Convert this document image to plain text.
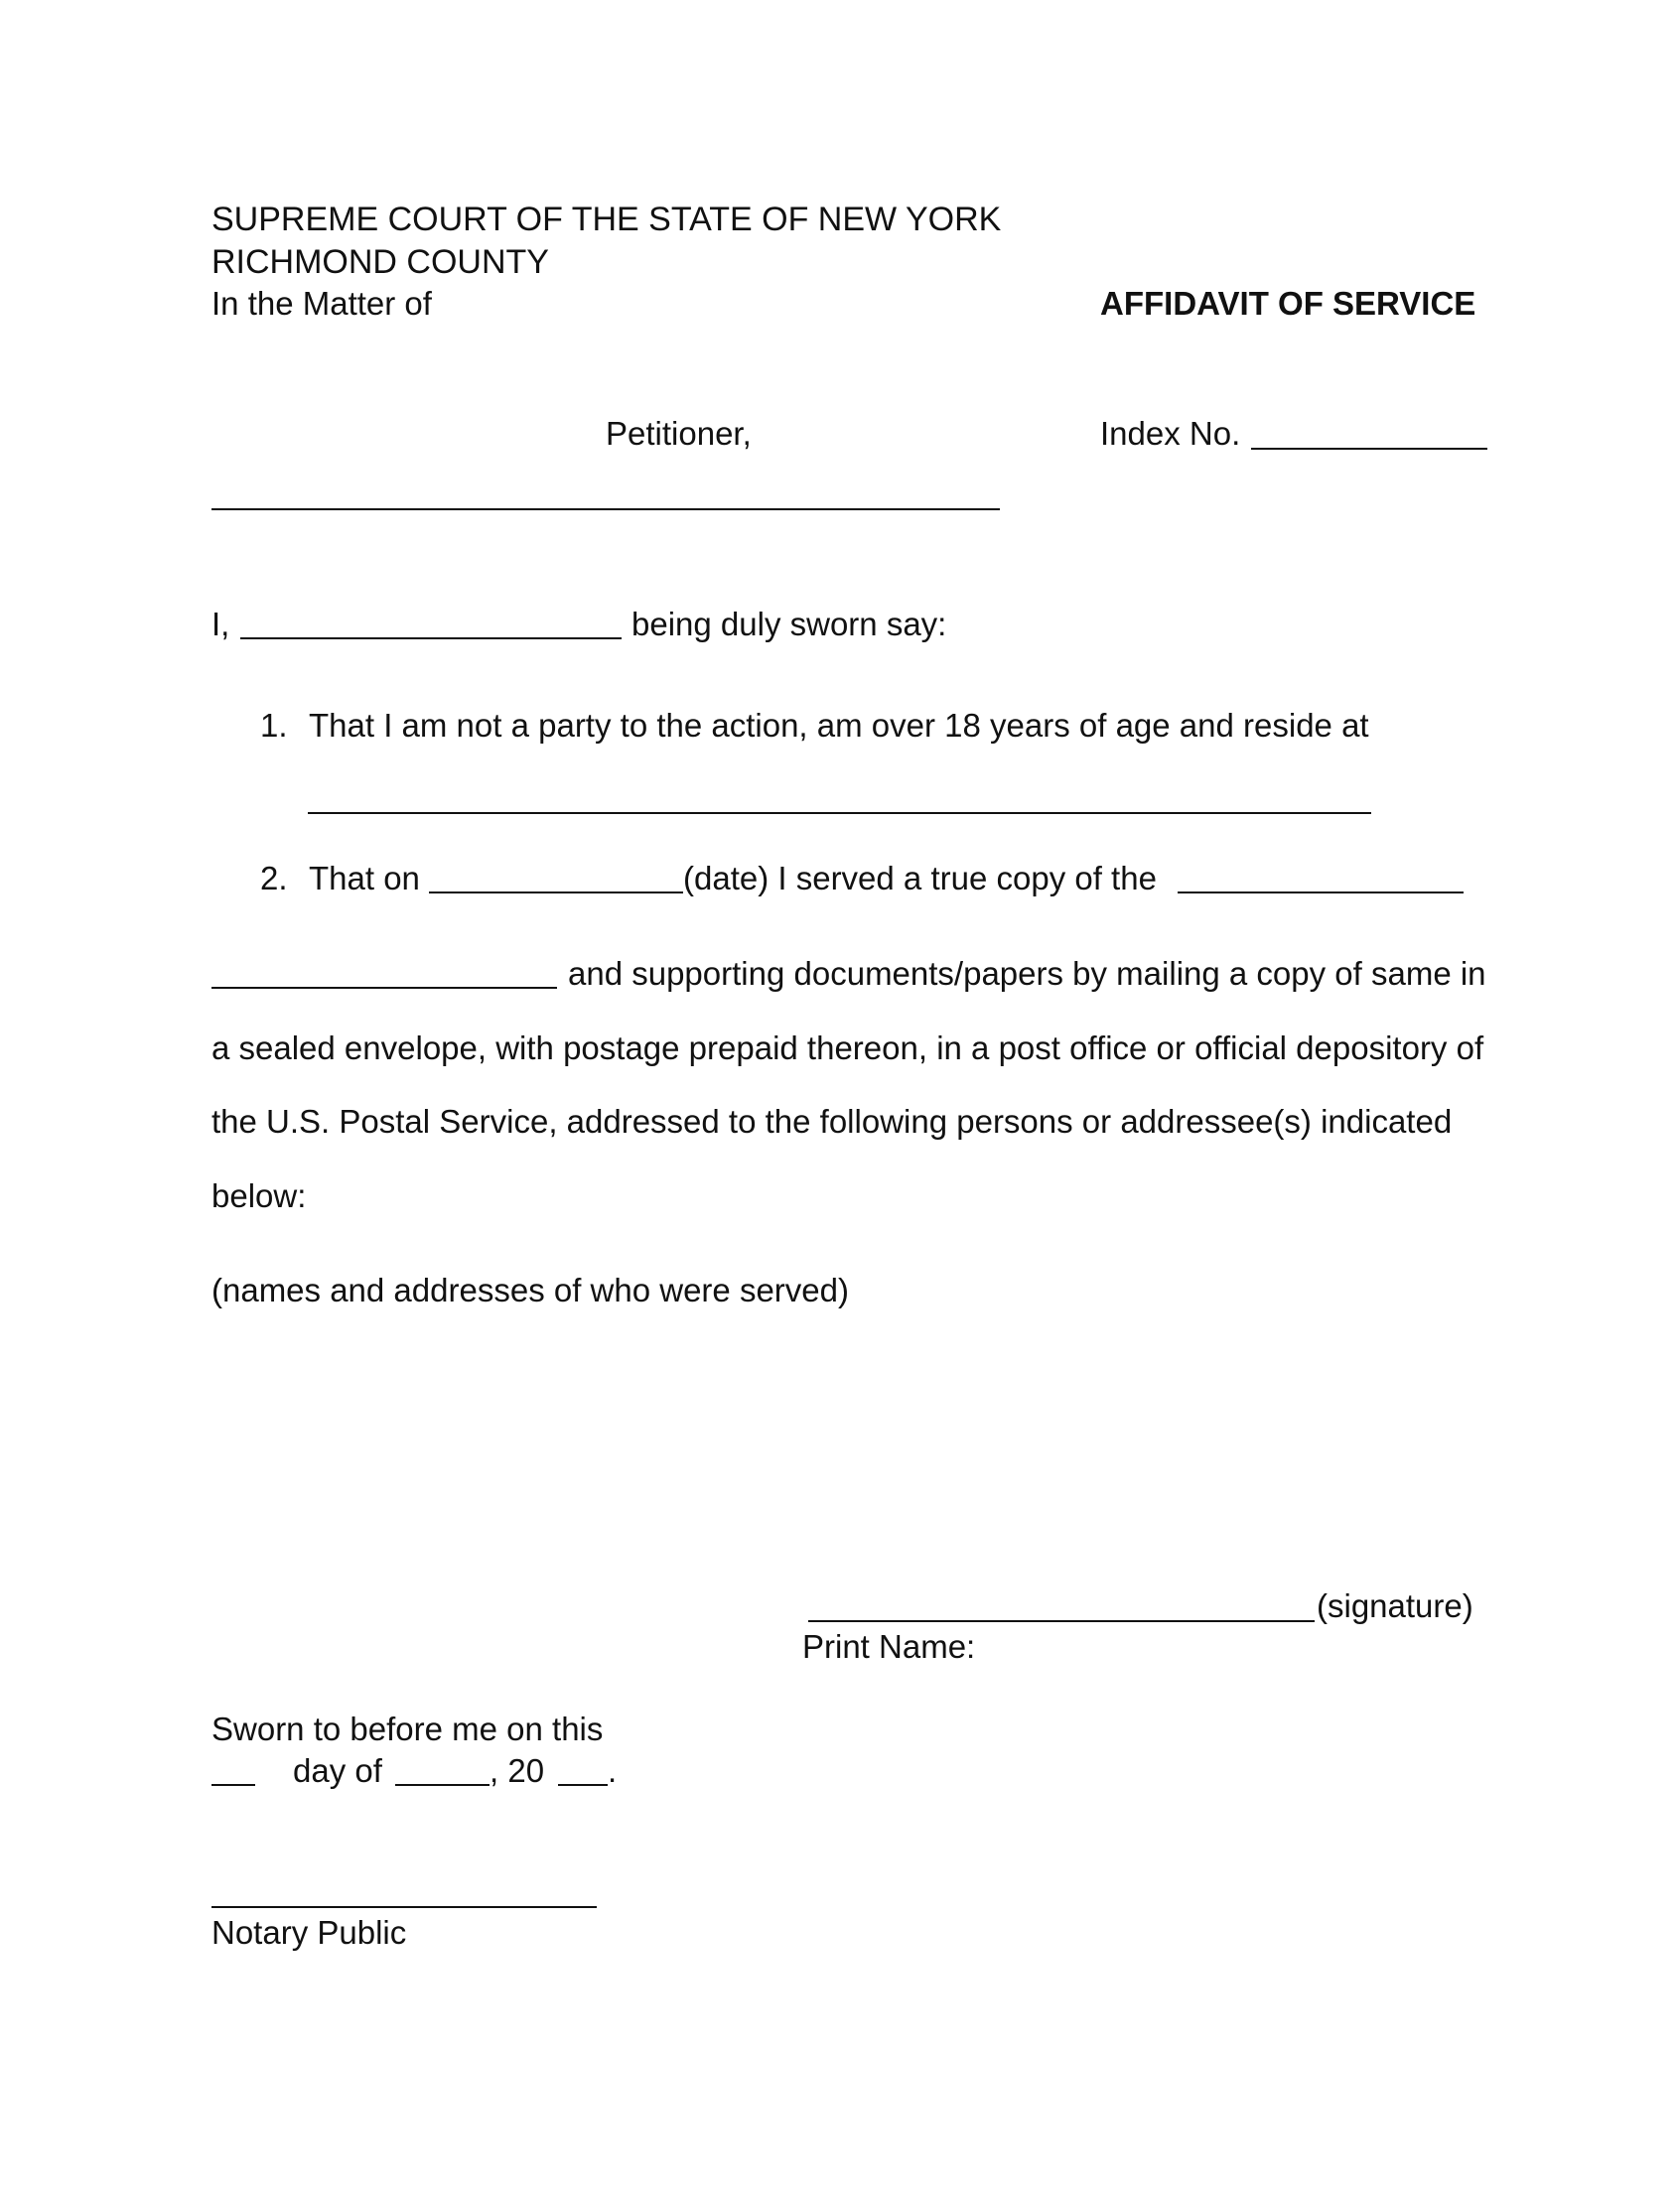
SUPREME COURT OF THE STATE OF NEW YORK
RICHMOND COUNTY
In the Matter of	AFFIDAVIT OF SERVICE
Petitioner,	Index No.
I,	being duly sworn say:
1. That I am not a party to the action, am over 18 years of age and reside at
2. That on	(date) I served a true copy of the
and supporting documents/papers by mailing a copy of same in
a sealed envelope, with postage prepaid thereon, in a post office or official depository of
the U.S. Postal Service, addressed to the following persons or addressee(s) indicated
below:
(names and addresses of who were served)
(signature)
Print Name:
Sworn to before me on this
day of	, 20 .
Notary Public
